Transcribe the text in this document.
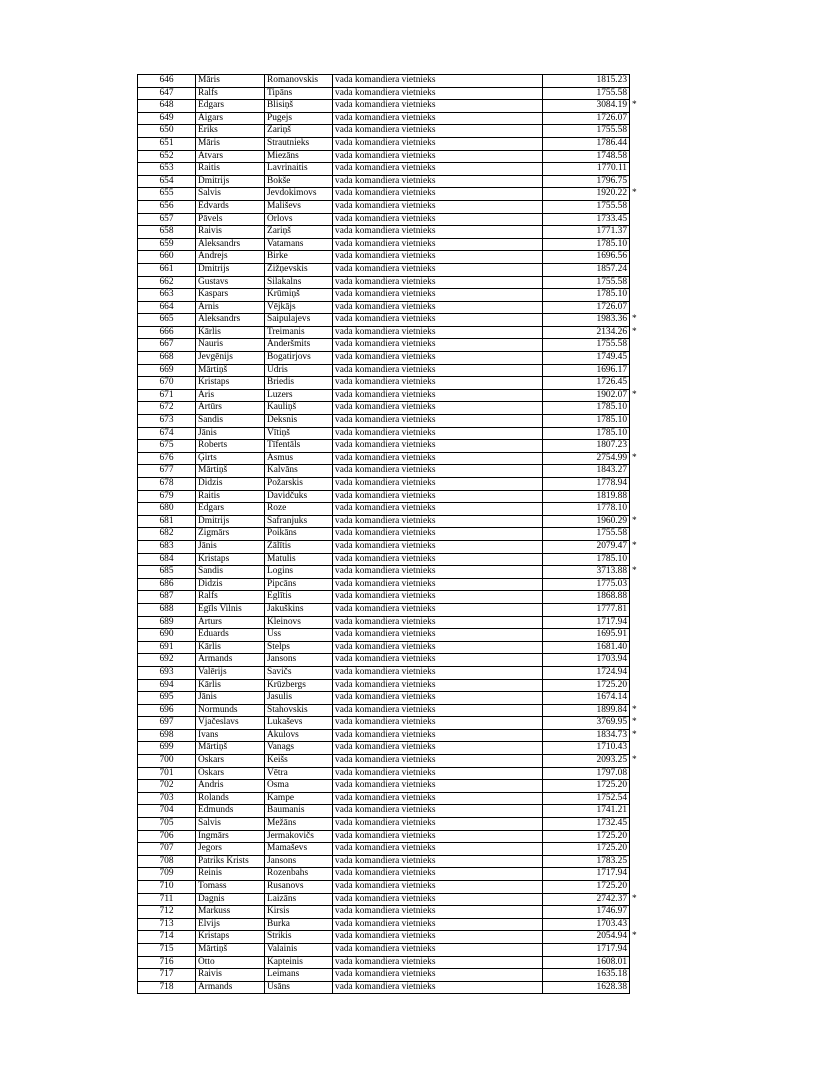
646	Māris	Romanovskis	vada komandiera vietnieks	1815.23	
647	Ralfs	Tipāns	vada komandiera vietnieks	1755.58	
648	Edgars	Blisiņš	vada komandiera vietnieks	3084.19	*
649	Aigars	Pugejs	vada komandiera vietnieks	1726.07	
650	Ēriks	Zariņš	vada komandiera vietnieks	1755.58	
651	Māris	Strautnieks	vada komandiera vietnieks	1786.44	
652	Atvars	Miezāns	vada komandiera vietnieks	1748.58	
653	Raitis	Lavrinaitis	vada komandiera vietnieks	1770.11	
654	Dmitrijs	Bokše	vada komandiera vietnieks	1796.75	
655	Salvis	Jevdokimovs	vada komandiera vietnieks	1920.22	*
656	Edvards	Mališevs	vada komandiera vietnieks	1755.58	
657	Pāvels	Orlovs	vada komandiera vietnieks	1733.45	
658	Raivis	Zariņš	vada komandiera vietnieks	1771.37	
659	Aleksandrs	Vatamans	vada komandiera vietnieks	1785.10	
660	Andrejs	Birke	vada komandiera vietnieks	1696.56	
661	Dmitrijs	Žižņevskis	vada komandiera vietnieks	1857.24	
662	Gustavs	Silakalns	vada komandiera vietnieks	1755.58	
663	Kaspars	Krūmiņš	vada komandiera vietnieks	1785.10	
664	Arnis	Vējkājs	vada komandiera vietnieks	1726.07	
665	Aleksandrs	Saipulajevs	vada komandiera vietnieks	1983.36	*
666	Kārlis	Treimanis	vada komandiera vietnieks	2134.26	*
667	Nauris	Anderšmits	vada komandiera vietnieks	1755.58	
668	Jevgēnijs	Bogatirjovs	vada komandiera vietnieks	1749.45	
669	Mārtiņš	Ūdris	vada komandiera vietnieks	1696.17	
670	Kristaps	Briedis	vada komandiera vietnieks	1726.45	
671	Āris	Luzers	vada komandiera vietnieks	1902.07	*
672	Artūrs	Kauliņš	vada komandiera vietnieks	1785.10	
673	Sandis	Deksnis	vada komandiera vietnieks	1785.10	
674	Jānis	Vītiņš	vada komandiera vietnieks	1785.10	
675	Roberts	Tīfentāls	vada komandiera vietnieks	1807.23	
676	Ģirts	Asmus	vada komandiera vietnieks	2754.99	*
677	Mārtiņš	Kalvāns	vada komandiera vietnieks	1843.27	
678	Didzis	Požarskis	vada komandiera vietnieks	1778.94	
679	Raitis	Davidčuks	vada komandiera vietnieks	1819.88	
680	Edgars	Roze	vada komandiera vietnieks	1778.10	
681	Dmitrijs	Safranjuks	vada komandiera vietnieks	1960.29	*
682	Zigmārs	Poikāns	vada komandiera vietnieks	1755.58	
683	Jānis	Zālītis	vada komandiera vietnieks	2079.47	*
684	Kristaps	Matulis	vada komandiera vietnieks	1785.10	
685	Sandis	Logins	vada komandiera vietnieks	3713.88	*
686	Didzis	Pipcāns	vada komandiera vietnieks	1775.03	
687	Ralfs	Eglītis	vada komandiera vietnieks	1868.88	
688	Egīls Vilnis	Jakuškins	vada komandiera vietnieks	1777.81	
689	Arturs	Kleinovs	vada komandiera vietnieks	1717.94	
690	Eduards	Uss	vada komandiera vietnieks	1695.91	
691	Kārlis	Stelps	vada komandiera vietnieks	1681.40	
692	Armands	Jansons	vada komandiera vietnieks	1703.94	
693	Valērijs	Savičs	vada komandiera vietnieks	1724.94	
694	Kārlis	Krūzbergs	vada komandiera vietnieks	1725.20	
695	Jānis	Jasulis	vada komandiera vietnieks	1674.14	
696	Normunds	Stahovskis	vada komandiera vietnieks	1899.84	*
697	Vjačeslavs	Lukaševs	vada komandiera vietnieks	3769.95	*
698	Ivans	Akulovs	vada komandiera vietnieks	1834.73	*
699	Mārtiņš	Vanags	vada komandiera vietnieks	1710.43	
700	Oskars	Keišs	vada komandiera vietnieks	2093.25	*
701	Oskars	Vētra	vada komandiera vietnieks	1797.08	
702	Andris	Osma	vada komandiera vietnieks	1725.20	
703	Rolands	Kampe	vada komandiera vietnieks	1752.54	
704	Edmunds	Baumanis	vada komandiera vietnieks	1741.21	
705	Salvis	Mežāns	vada komandiera vietnieks	1732.45	
706	Ingmārs	Jermakovičs	vada komandiera vietnieks	1725.20	
707	Jegors	Mamaševs	vada komandiera vietnieks	1725.20	
708	Patriks Krists	Jansons	vada komandiera vietnieks	1783.25	
709	Reinis	Rozenbahs	vada komandiera vietnieks	1717.94	
710	Tomass	Rusanovs	vada komandiera vietnieks	1725.20	
711	Dagnis	Laizāns	vada komandiera vietnieks	2742.37	*
712	Markuss	Kirsis	vada komandiera vietnieks	1746.97	
713	Elvijs	Burka	vada komandiera vietnieks	1703.43	
714	Kristaps	Strikis	vada komandiera vietnieks	2054.94	*
715	Mārtiņš	Valainis	vada komandiera vietnieks	1717.94	
716	Otto	Kapteinis	vada komandiera vietnieks	1608.01	
717	Raivis	Leimans	vada komandiera vietnieks	1635.18	
718	Armands	Usāns	vada komandiera vietnieks	1628.38	
